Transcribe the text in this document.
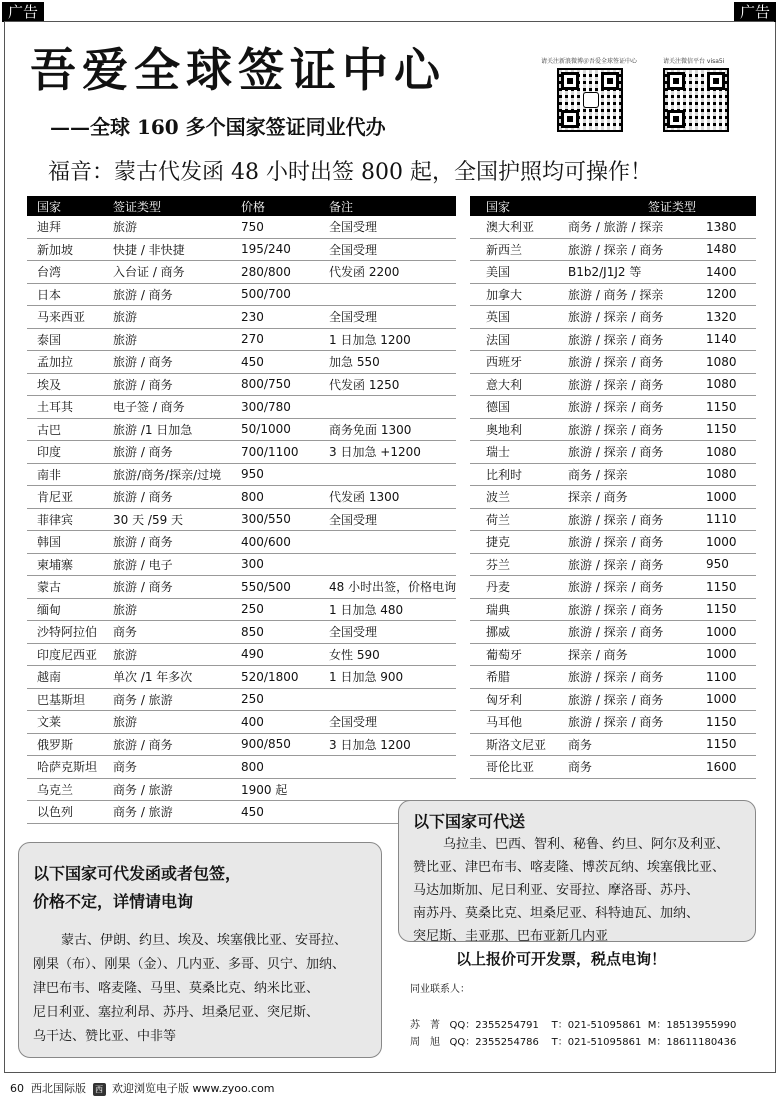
广告	广告
吾爱全球签证中心
——全球 160 多个国家签证同业代办
请关注新浪微博＠吾爱全球签证中心	请关注微信平台 visa5i
福音：蒙古代发函 48 小时出签 800 起，全国护照均可操作！
国家	签证类型	价格	备注
迪拜	旅游	750	全国受理
新加坡	快捷 / 非快捷	195/240	全国受理
台湾	入台证 / 商务	280/800	代发函 2200
日本	旅游 / 商务	500/700	
马来西亚	旅游	230	全国受理
泰国	旅游	270	1 日加急 1200
孟加拉	旅游 / 商务	450	加急 550
埃及	旅游 / 商务	800/750	代发函 1250
土耳其	电子签 / 商务	300/780	
古巴	旅游 /1 日加急	50/1000	商务免面 1300
印度	旅游 / 商务	700/1100	3 日加急 +1200
南非	旅游/商务/探亲/过境	950	
肯尼亚	旅游 / 商务	800	代发函 1300
菲律宾	30 天 /59 天	300/550	全国受理
韩国	旅游 / 商务	400/600	
柬埔寨	旅游 / 电子	300	
蒙古	旅游 / 商务	550/500	48 小时出签，价格电询
缅甸	旅游	250	1 日加急 480
沙特阿拉伯	商务	850	全国受理
印度尼西亚	旅游	490	女性 590
越南	单次 /1 年多次	520/1800	1 日加急 900
巴基斯坦	商务 / 旅游	250	
文莱	旅游	400	全国受理
俄罗斯	旅游 / 商务	900/850	3 日加急 1200
哈萨克斯坦	商务	800	
乌克兰	商务 / 旅游	1900 起	
以色列	商务 / 旅游	450	
国家	签证类型	
澳大利亚	商务 / 旅游 / 探亲	1380
新西兰	旅游 / 探亲 / 商务	1480
美国	B1b2/J1J2 等	1400
加拿大	旅游 / 商务 / 探亲	1200
英国	旅游 / 探亲 / 商务	1320
法国	旅游 / 探亲 / 商务	1140
西班牙	旅游 / 探亲 / 商务	1080
意大利	旅游 / 探亲 / 商务	1080
德国	旅游 / 探亲 / 商务	1150
奥地利	旅游 / 探亲 / 商务	1150
瑞士	旅游 / 探亲 / 商务	1080
比利时	商务 / 探亲	1080
波兰	探亲 / 商务	1000
荷兰	旅游 / 探亲 / 商务	1110
捷克	旅游 / 探亲 / 商务	1000
芬兰	旅游 / 探亲 / 商务	950
丹麦	旅游 / 探亲 / 商务	1150
瑞典	旅游 / 探亲 / 商务	1150
挪威	旅游 / 探亲 / 商务	1000
葡萄牙	探亲 / 商务	1000
希腊	旅游 / 探亲 / 商务	1100
匈牙利	旅游 / 探亲 / 商务	1000
马耳他	旅游 / 探亲 / 商务	1150
斯洛文尼亚	商务	1150
哥伦比亚	商务	1600
以下国家可代送
乌拉圭、巴西、智利、秘鲁、约旦、阿尔及利亚、
赞比亚、津巴布韦、喀麦隆、博茨瓦纳、埃塞俄比亚、
马达加斯加、尼日利亚、安哥拉、摩洛哥、苏丹、
南苏丹、莫桑比克、坦桑尼亚、科特迪瓦、加纳、
突尼斯、圭亚那、巴布亚新几内亚
以下国家可代发函或者包签，
价格不定，详情请电询
蒙古、伊朗、约旦、埃及、埃塞俄比亚、安哥拉、
刚果（布）、刚果（金）、几内亚、多哥、贝宁、加纳、
津巴布韦、喀麦隆、马里、莫桑比克、纳米比亚、
尼日利亚、塞拉利昂、苏丹、坦桑尼亚、突尼斯、
乌干达、赞比亚、中非等
以上报价可开发票，税点电询！
同业联系人：
苏　菁 QQ：2355254791 T：021-51095861 M：18513955990
周　旭 QQ：2355254786 T：021-51095861 M：18611180436
60 西北国际版 西 欢迎浏览电子版 www.zyoo.com
